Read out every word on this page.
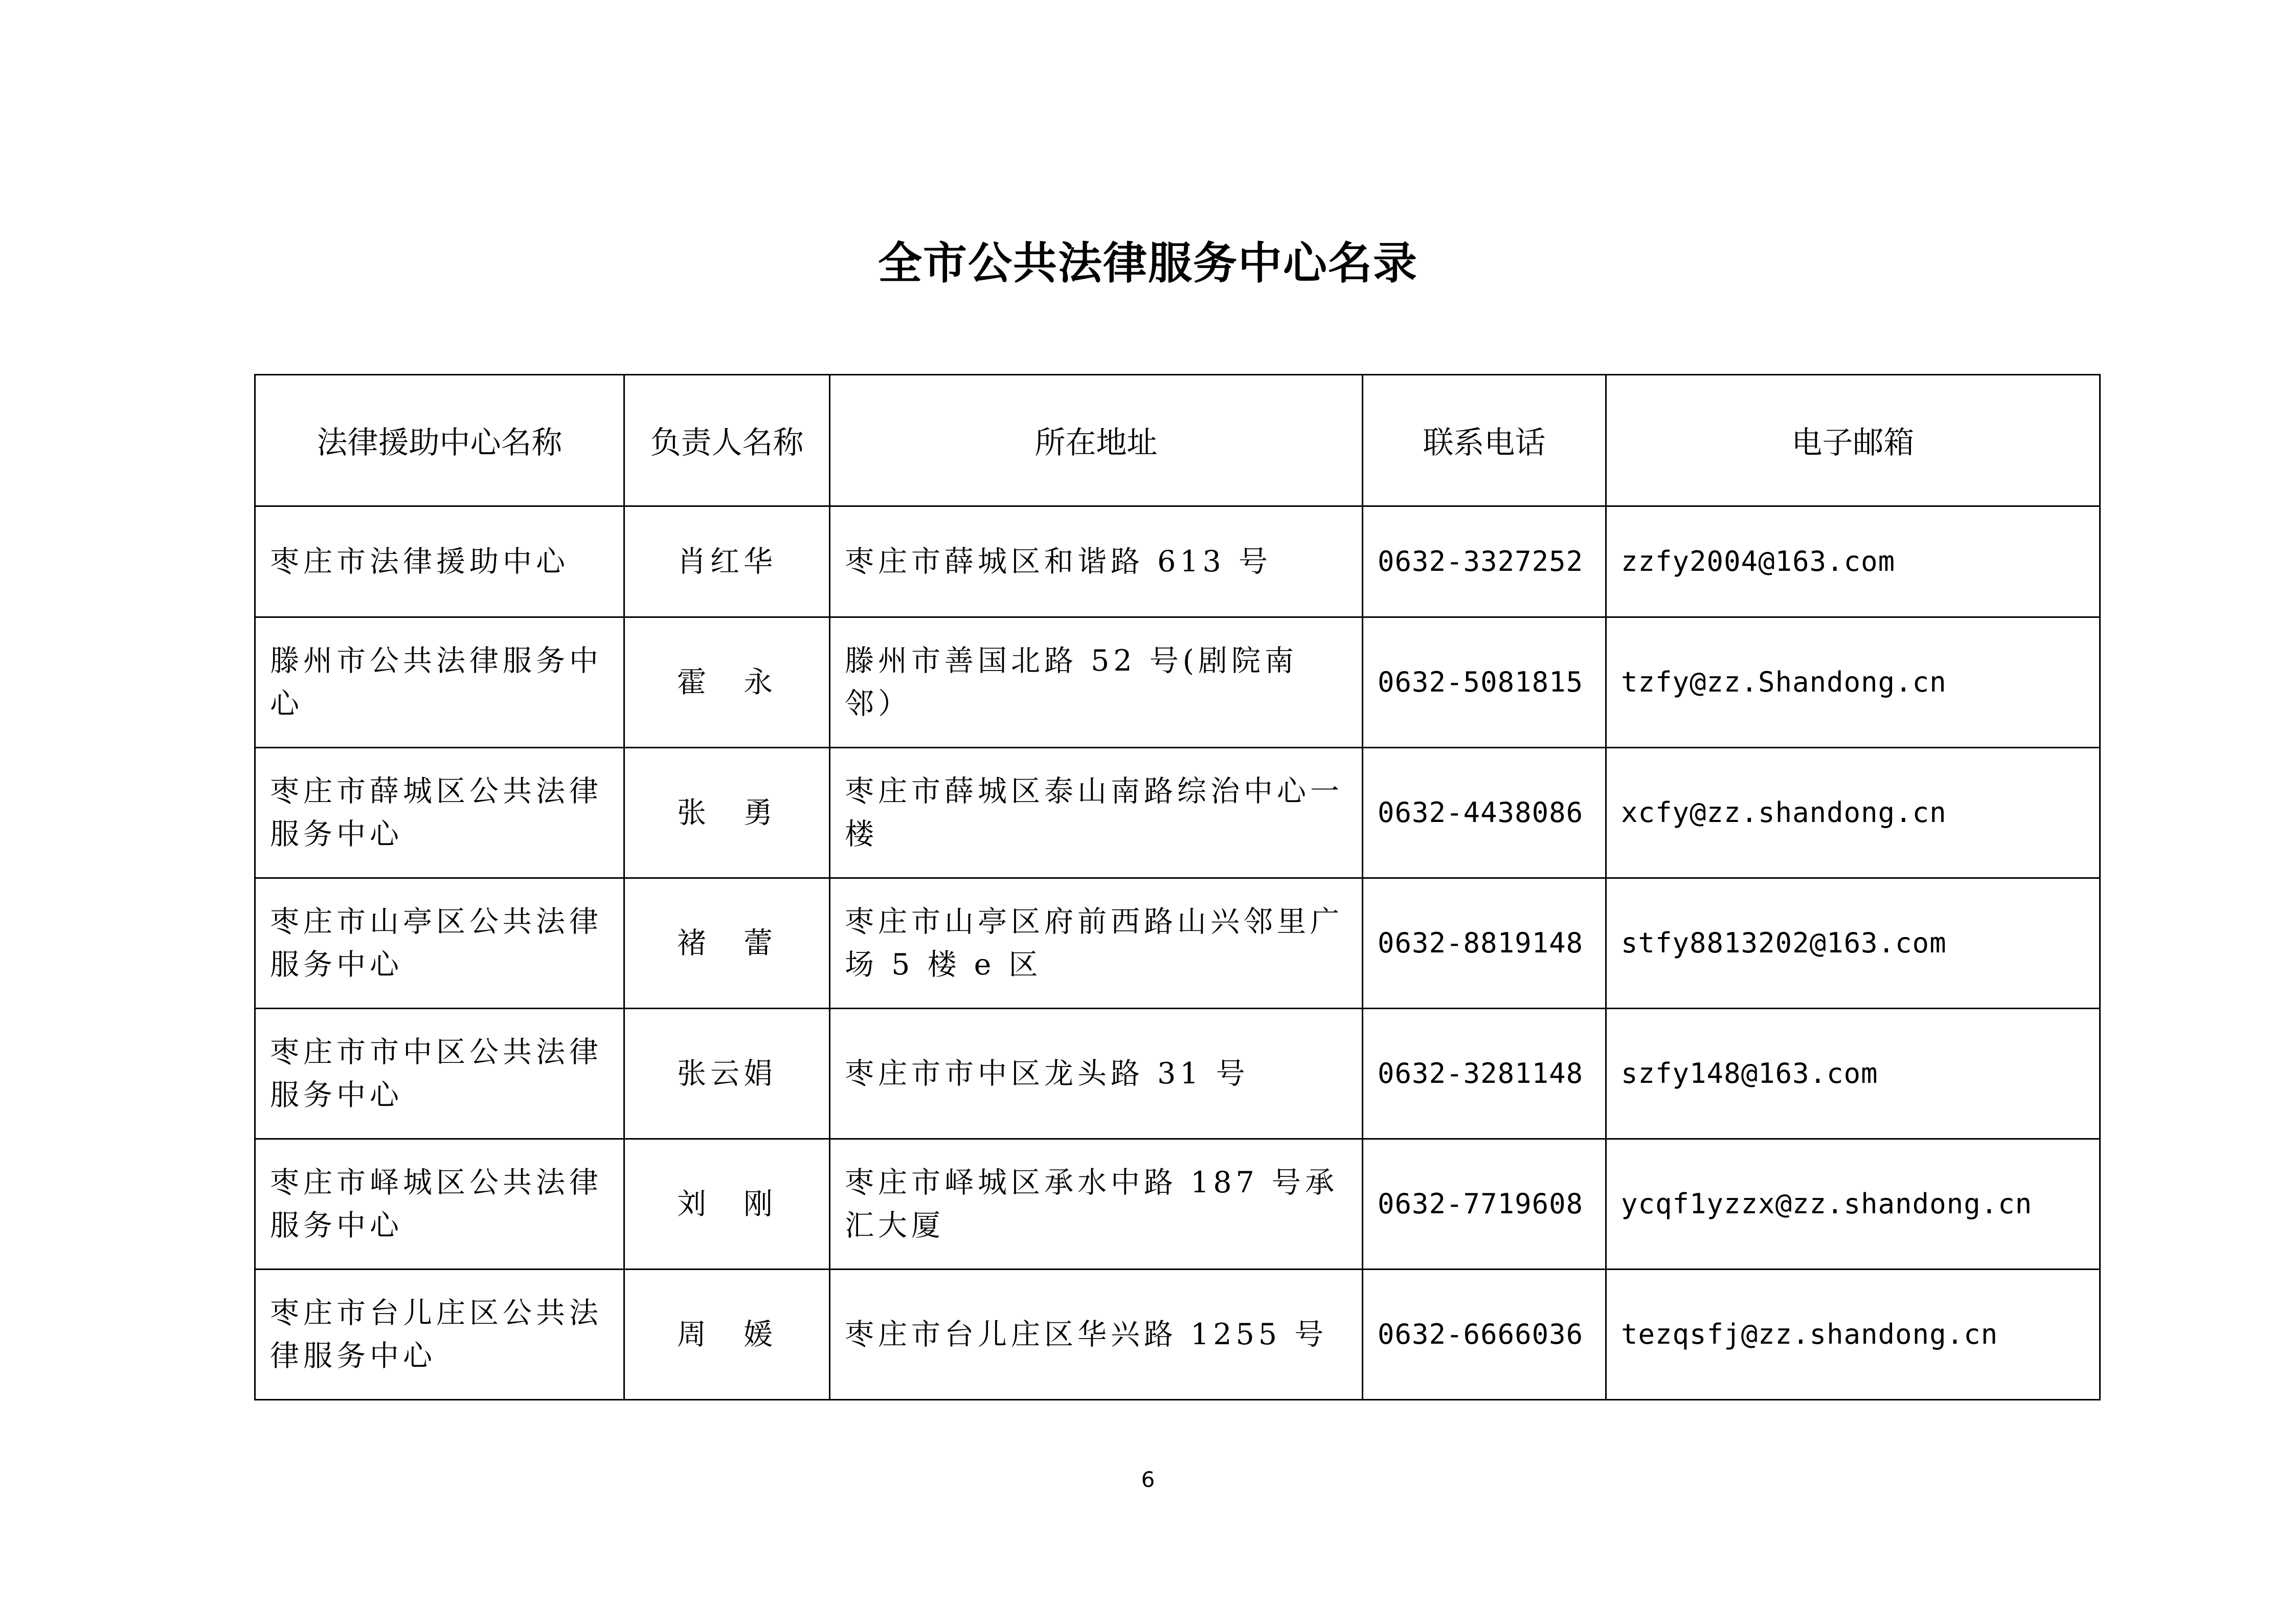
全市公共法律服务中心名录
法律援助中心名称	负责人名称	所在地址	联系电话	电子邮箱
枣庄市法律援助中心	肖红华	枣庄市薛城区和谐路 613 号	0632-3327252	zzfy2004@163.com
滕州市公共法律服务中心	霍　永	滕州市善国北路 52 号(剧院南邻）	0632-5081815	tzfy@zz.Shandong.cn
枣庄市薛城区公共法律服务中心	张　勇	枣庄市薛城区泰山南路综治中心一楼	0632-4438086	xcfy@zz.shandong.cn
枣庄市山亭区公共法律服务中心	褚　蕾	枣庄市山亭区府前西路山兴邻里广场 5 楼 e 区	0632-8819148	stfy8813202@163.com
枣庄市市中区公共法律服务中心	张云娟	枣庄市市中区龙头路 31 号	0632-3281148	szfy148@163.com
枣庄市峄城区公共法律服务中心	刘　刚	枣庄市峄城区承水中路 187 号承汇大厦	0632-7719608	ycqf1yzzx@zz.shandong.cn
枣庄市台儿庄区公共法律服务中心	周　媛	枣庄市台儿庄区华兴路 1255 号	0632-6666036	tezqsfj@zz.shandong.cn
6
